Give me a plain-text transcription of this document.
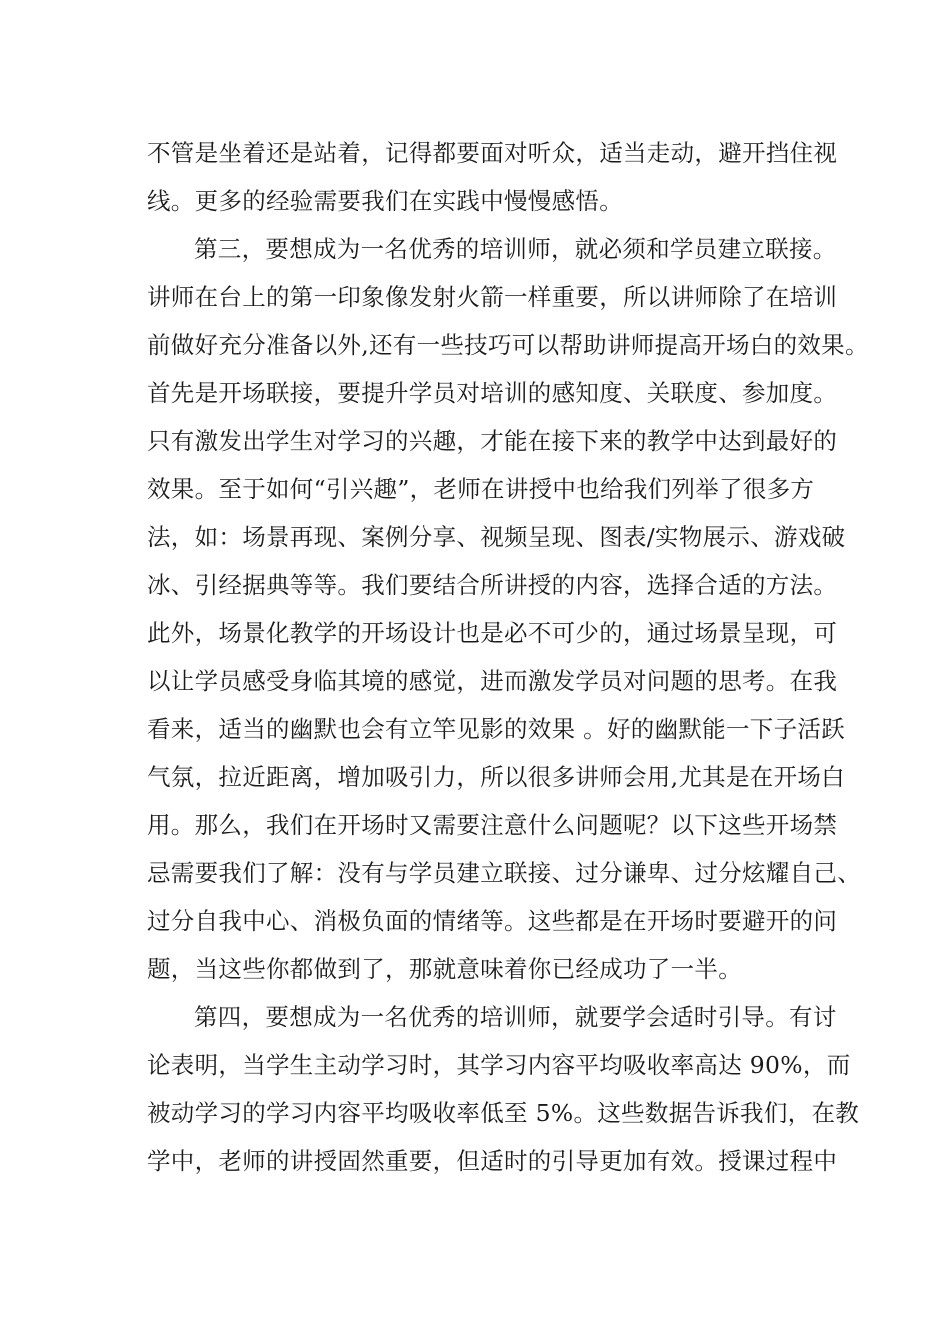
不管是坐着还是站着，记得都要面对听众，适当走动，避开挡住视
线。更多的经验需要我们在实践中慢慢感悟。
第三，要想成为一名优秀的培训师，就必须和学员建立联接。
讲师在台上的第一印象像发射火箭一样重要，所以讲师除了在培训
前做好充分准备以外,还有一些技巧可以帮助讲师提高开场白的效果。
首先是开场联接，要提升学员对培训的感知度、关联度、参加度。
只有激发出学生对学习的兴趣，才能在接下来的教学中达到最好的
效果。至于如何“引兴趣”，老师在讲授中也给我们列举了很多方
法，如：场景再现、案例分享、视频呈现、图表/实物展示、游戏破
冰、引经据典等等。我们要结合所讲授的内容，选择合适的方法。
此外，场景化教学的开场设计也是必不可少的，通过场景呈现，可
以让学员感受身临其境的感觉，进而激发学员对问题的思考。在我
看来，适当的幽默也会有立竿见影的效果 。好的幽默能一下子活跃
气氛，拉近距离，增加吸引力，所以很多讲师会用,尤其是在开场白
用。那么，我们在开场时又需要注意什么问题呢？以下这些开场禁
忌需要我们了解：没有与学员建立联接、过分谦卑、过分炫耀自己、
过分自我中心、消极负面的情绪等。这些都是在开场时要避开的问
题，当这些你都做到了，那就意味着你已经成功了一半。
第四，要想成为一名优秀的培训师，就要学会适时引导。有讨
论表明，当学生主动学习时，其学习内容平均吸收率高达 90%，而
被动学习的学习内容平均吸收率低至 5%。这些数据告诉我们，在教
学中，老师的讲授固然重要，但适时的引导更加有效。授课过程中
